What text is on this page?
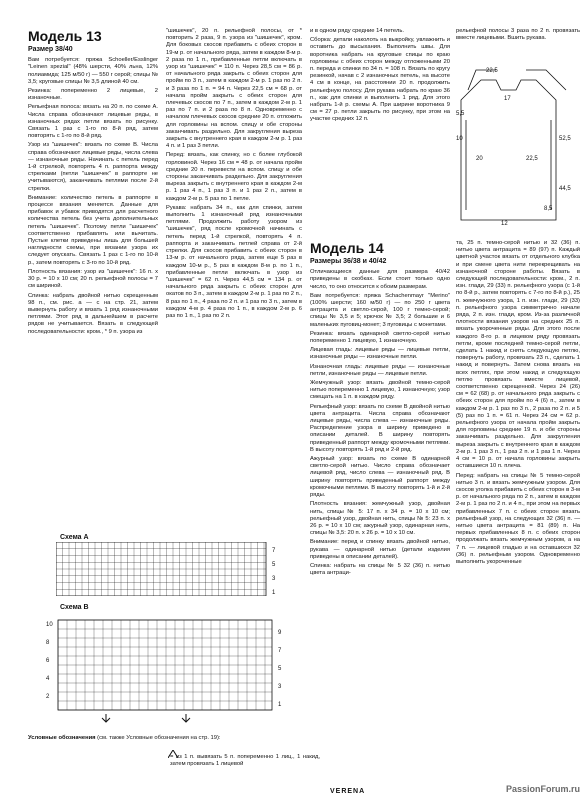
Модель 13
Размер 38/40

Вам потребуется: пряжа Schoeller/Esslinger "Leinen spezial" (48% шерсти, 40% льна, 12% полиамида; 125 м/50 г) — 550 г серой; спицы № 3,5; круговые спицы № 3,5 длиной 40 см.

Резинка: попеременно 2 лицевые, 2 изнаночные.

Рельефная полоса: вязать на 20 п. по схеме А. Числа справа обозначают лицевые ряды, в изнаночных рядах петли вязать по рисунку. Связать 1 раз с 1-го по 8-й ряд, затем повторять с 1-го по 8-й ряд.

Узор из "шишечек": вязать по схеме В. Числа справа обозначают лицевые ряды, числа слева — изнаночные ряды. Начинать с петель перед 1-й стрелкой, повторять 4 п. раппорта между стрелками (петли "шишечек" в раппорте не учитываются), заканчивать петлями после 2-й стрелки.

Внимание: количество петель в раппорте в процессе вязания меняется. Данные для прибавок и убавок приводятся для расчетного количества петель без учета дополнительных петель "шишечек". Поэтому петли "шишечек" соответственно прибавлять или вычитать. Пустые клетки приведены лишь для большей наглядности схемы, при вязании узора их следует опускать. Связать 1 раз с 1-го по 10-й р., затем повторять с 3-го по 10-й ряд.

Плотность вязания: узор из "шишечек": 16 п. х 30 р. = 10 х 10 см; 20 п. рельефной полосы = 7 см шириной.

Спинка: набрать двойной нитью скрещенным 98 п., см. рис. а — с на стр. 21, затем вывернуть работу и вязать 1 ряд изнаночными петлями. Этот ряд в дальнейшем в расчете рядов не учитывается. Вязать в следующей последовательности: кром., * 9 п. узора из

"шишечек", 20 п. рельефной полосы, от * повторить 2 раза, 9 п. узора из "шишечек", кром. Для боковых скосов прибавить с обеих сторон в 19-м р. от начального ряда, затем в каждом 8-м р. 2 раза по 1 п., прибавленные петли включать в узор из "шишечек" = 110 п. Через 28,5 см = 86 р. от начального ряда закрыть с обеих сторон для пройм по 3 п., затем в каждом 2-м р. 1 раз по 2 п. и 3 раза по 1 п. = 94 п. Через 22,5 см = 68 р. от начала пройм закрыть с обеих сторон для плечевых скосов по 7 п., затем в каждом 2-м р. 1 раз по 7 п. и 2 раза по 8 п. Одновременно с началом плечевых скосов средние 20 п. отложить для горловины на вспом. спицу и обе стороны заканчивать раздельно. Для закругления выреза закрыть с внутреннего края в каждом 2-м р. 1 раз 4 п. и 1 раз 3 петли.

Перед: вязать, как спинку, но с более глубокой горловиной. Через 16 см = 48 р. от начала пройм средние 20 п. перевести на вспом. спицу и обе стороны заканчивать раздельно. Для закругления выреза закрыть с внутреннего края в каждом 2-м р. 1 раз 4 п., 1 раз 3 п. и 1 раз 2 п., затем в каждом 2-м р. 5 раз по 1 петле.

Рукава: набрать 34 п., как для спинки, затем выполнить 1 изнаночный ряд изнаночными петлями. Продолжить работу узором из "шишечек", ряд после кромочной начинать с петель перед 1-й стрелкой, повторять 4 п. раппорта и заканчивать петлей справа от 2-й стрелки. Для скосов прибавить с обеих сторон в 13-м р. от начального ряда, затем еще 5 раз в каждом 10-м р., 5 раз в каждом 8-м р. по 1 п., прибавленные петли включать в узор из "шишечек" = 62 п. Через 44,5 см = 134 р. от начального ряда закрыть с обеих сторон для окатов по 3 п., затем в каждом 2-м р. 1 раз по 2 п., 8 раз по 1 п., 4 раза по 2 п. и 1 раз по 3 п., затем в каждом 4-м р. 4 раза по 1 п., в каждом 2-м р. 6 раз по 1 п., 1 раз по 2 п.

и в одном ряду средние 14 петель.

Сборка: детали наколоть на выкройку, увлажнить и оставить до высыхания. Выполнить швы. Для воротника набрать на круговые спицы по краю горловины с обеих сторон между отложенными 20 п. переда и спинки по 34 п. = 108 п. Вязать по кругу резинкой, начав с 2 изнаночных петель, на высоте 4 см в конце, на расстоянии 20 п. продолжить рельефную полосу. Для рукава набрать по краю 36 п., как для спинки и выполнить 1 ряд. Для этого набрать 1-й р. схемы А. При ширине воротника 9 см = 27 р. петли закрыть по рисунку, при этом на участке средних 12 п.

рельефной полосы 3 раза по 2 п. провязать вместе лицевыми. Вшить рукава.

22,5
17
52,5
44,5
5,5
10
12
20	22,5
8,5
Модель 14
Размеры 36/38 и 40/42

Отличающиеся данные для размера 40/42 приведены в скобках. Если стоит только одно число, то оно относится к обоим размерам.

Вам потребуется: пряжа Schachenmayr "Merino" (100% шерсти; 160 м/50 г) — по 250 г цвета антрацита и светло-серой, 100 г темно-серой; спицы № 3,5 и 5; крючок № 3,5; 2 большие и 6 маленьких пуговиц-монет; 3 пуговицы с монетами.

Резинка: вязать одинарной светло-серой нитью попеременно 1 лицевую, 1 изнаночную.

Лицевая гладь: лицевые ряды — лицевые петли, изнаночные ряды — изнаночные петли.

Изнаночная гладь: лицевые ряды — изнаночные петли, изнаночные ряды — лицевые петли.

Жемчужный узор: вязать двойной темно-серой нитью попеременно 1 лицевую, 1 изнаночную; узор смещать на 1 п. в каждом ряду.

Рельефный узор: вязать по схеме В двойной нитью цвета антрацита. Числа справа обозначают лицевые ряды, числа слева — изнаночные ряды. Распределение узора в ширину приведено в описании деталей. В ширину повторять приведенный раппорт между кромочными петлями. В высоту повторять 1-й ряд и 2-й ряд.

Ажурный узор: вязать по схеме В одинарной светло-серой нитью. Число справа обозначает лицевой ряд, число слева — изнаночный ряд. В ширину повторять приведенный раппорт между кромочными петлями. В высоту повторять 1-й и 2-й ряды.

Плотность вязания: жемчужный узор, двойная нить, спицы № 5: 17 п. х 34 р. = 10 х 10 см; рельефный узор, двойная нить, спицы № 5: 23 п. х 26 р. = 10 х 10 см; ажурный узор, одинарная нить, спицы № 3,5: 20 п. х 26 р. = 10 х 10 см.

Внимание: перед и спинку вязать двойной нитью, рукава — одинарной нитью (детали изделия приведены в описании деталей).

Спинка: набрать на спицы № 5 32 (36) п. нитью цвета антраци-

та, 25 п. темно-серой нитью и 32 (36) п. нитью цвета антрацита = 89 (97) п. Каждый цветной участок вязать от отдельного клубка и при смене цвета нити перекрещивать на изнаночной стороне работы. Вязать в следующей последовательности: кром., 2 п. изн. глади, 29 (33) п. рельефного узора (с 1-й по 8-й р., затем повторять с 7-го по 8-й р.), 25 п. жемчужного узора, 1 п. изн. глади, 29 (33) п. рельефного узора симметрично начале ряда, 2 п. изн. глади, кром. Из-за различной плотности вязания узоров на средних 25 п. вязать укороченные ряды. Для этого после каждого 8-го р. в лицевом ряду провязать петли, кроме последней темно-серой петли, сделать 1 накид и снять следующую петлю, повернуть работу, провязать 23 п., сделать 1 накид и повернуть. Затем снова вязать на всех петлях, при этом накид и следующую петлю провязать вместе лицевой, соответственно скрещенной. Через 24 (26) см = 62 (68) р. от начального ряда закрыть с обеих сторон для пройм по 4 (6) п., затем в каждом 2-м р. 1 раз по 3 п., 2 раза по 2 п. и 5 (5) раз по 1 п. = 61 п. Через 24 см = 62 р. рельефного узора от начала пройм закрыть для горловины средние 19 п. и обе стороны заканчивать раздельно. Для закругления выреза закрыть с внутреннего края в каждом 2-м р. 1 раз 3 п., 1 раз 2 п. и 1 раз 1 п. Через 4 см = 10 р. от начала горловины закрыть оставшиеся 10 п. плеча.

Перед: набрать на спицы № 5 темно-серой нитью 3 п. и вязать жемчужным узором. Для скосов уголка прибавить с обеих сторон в 3-м р. от начального ряда по 2 п., затем в каждом 2-м р. 1 раз по 2 п. и 4 п., при этом на первых прибавленных 7 п. с обеих сторон вязать рельефный узор, на следующих 32 (36) п. — нитью цвета антрацита = 81 (89) п. На первых прибавленных 8 п. с обеих сторон продолжать вязать жемчужным узором, а на 7 п. — лицевой гладью и на оставшихся 32 (36) п. рельефным узором. Одновременно выполнить укороченные

Схема А
7
5
3
1
Схема В
10
8
6
4
2
9
7
5
3
1

Условные обозначения (см. также Условные обозначения на стр. 19):

= из 1 п. вывязать 5 п. попеременно 1 лиц., 1 накид, затем провязать 1 лицевой

VERENA	PassionForum.ru
